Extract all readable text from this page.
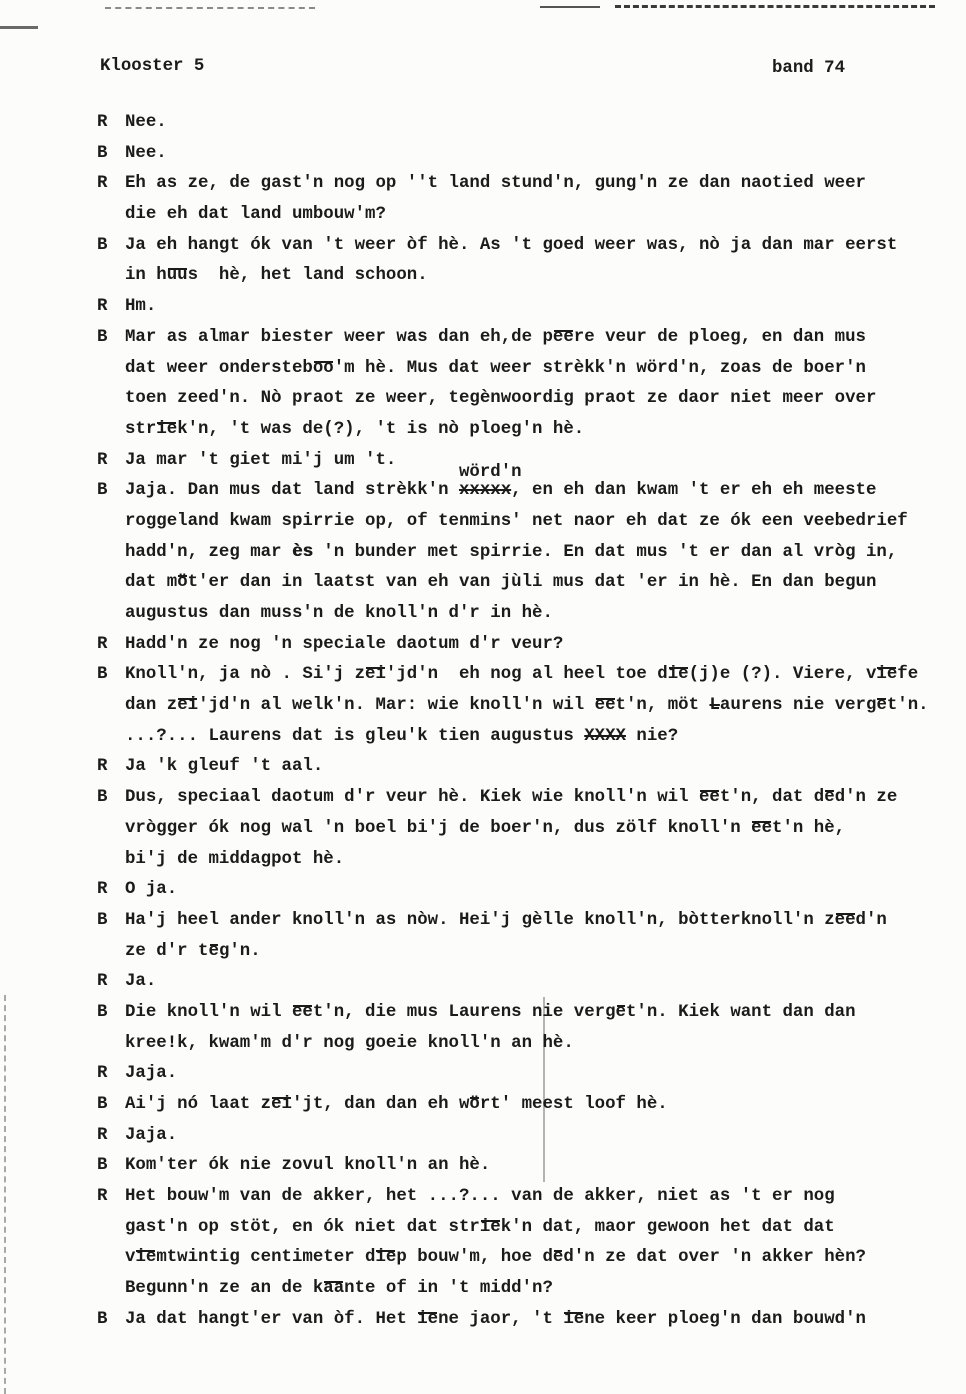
Klooster 5	band 74
R Nee.
B Nee.
R Eh as ze, de gast'n nog op ''t land stund'n, gung'n ze dan naotied weer
die eh dat land umbouw'm?
B Ja eh hangt ók van 't weer òf hè. As 't goed weer was, nò ja dan mar eerst
in huus  hè, het land schoon.
R Hm.
B Mar as almar biester weer was dan eh,de peere veur de ploeg, en dan mus
dat weer ondersteboo'm hè. Mus dat weer strèkk'n wörd'n, zoas de boer'n
toen zeed'n. Nò praot ze weer, tegènwoordig praot ze daor niet meer over
striek'n, 't was de(?), 't is nò ploeg'n hè.
R Ja mar 't giet mi'j um 't.
B Jaja. Dan mus dat land strèkk'n
wörd'n
xxxxx, en eh dan kwam 't er eh eh meeste
roggeland kwam spirrie op, of tenmins' net naor eh dat ze ók een veebedrief
hadd'n, zeg mar ès 'n bunder met spirrie. En dat mus 't er dan al vròg in,
dat möt'er dan in laatst van eh van jùli mus dat 'er in hè. En dan begun
augustus dan muss'n de knoll'n d'r in hè.
R Hadd'n ze nog 'n speciale daotum d'r veur?
B Knoll'n, ja nò . Si'j zei'jd'n  eh nog al heel toe die(j)e (?). Viere, viefe
dan zei'jd'n al welk'n. Mar: wie knoll'n wil eet'n, möt Laurens nie verget'n.
...?... Laurens dat is gleu'k tien augustus XXXX nie?
R Ja 'k gleuf 't aal.
B Dus, speciaal daotum d'r veur hè. Kiek wie knoll'n wil eet'n, dat ded'n ze
vrògger ók nog wal 'n boel bi'j de boer'n, dus zölf knoll'n eet'n hè,
bi'j de middagpot hè.
R O ja.
B Ha'j heel ander knoll'n as nòw. Hei'j gèlle knoll'n, bòtterknoll'n zeed'n
ze d'r teg'n.
R Ja.
B Die knoll'n wil eet'n, die mus Laurens nie verget'n. Kiek want dan dan
kree!k, kwam'm d'r nog goeie knoll'n an hè.
R Jaja.
B Ai'j nó laat zei'jt, dan dan eh wört' meest loof hè.
R Jaja.
B Kom'ter ók nie zovul knoll'n an hè.
R Het bouw'm van de akker, het ...?... van de akker, niet as 't er nog
gast'n op stöt, en ók niet dat striek'n dat, maor gewoon het dat dat
viemtwintig centimeter diep bouw'm, hoe ded'n ze dat over 'n akker hèn?
Begunn'n ze an de kaante of in 't midd'n?
B Ja dat hangt'er van òf. Het iene jaor, 't iene keer ploeg'n dan bouwd'n
